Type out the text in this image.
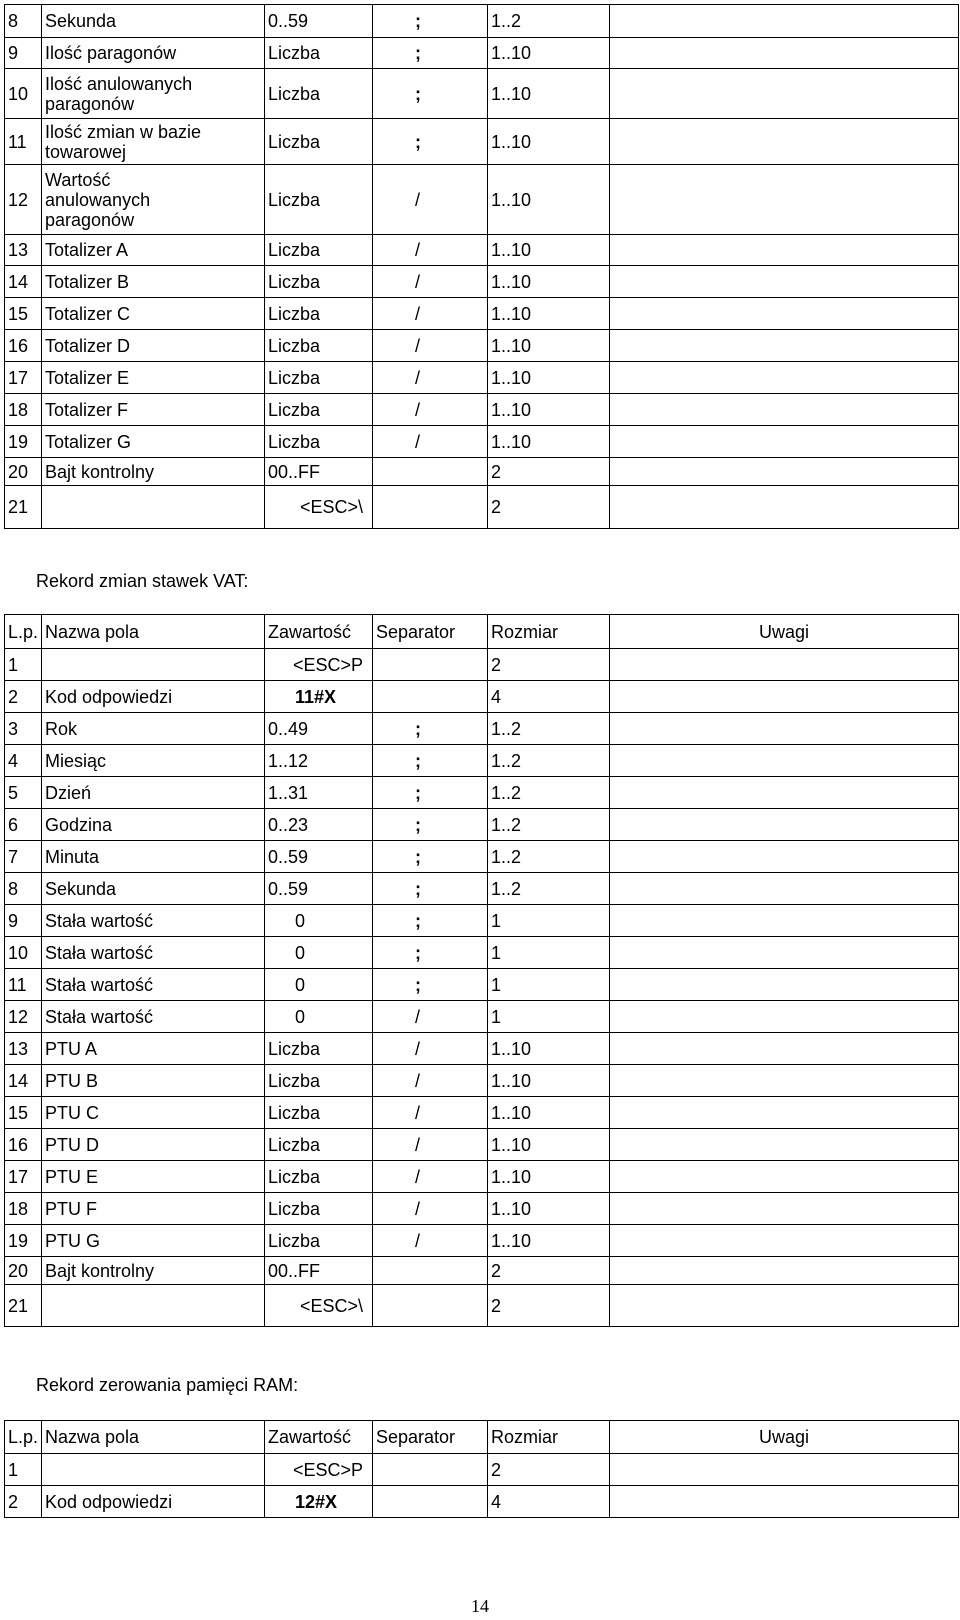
8	Sekunda	0..59	;	1..2	
9	Ilość paragonów	Liczba	;	1..10	
10	Ilość anulowanych paragonów	Liczba	;	1..10	
11	Ilość zmian w bazie towarowej	Liczba	;	1..10	
12	Wartość anulowanych paragonów	Liczba	/	1..10	
13	Totalizer A	Liczba	/	1..10	
14	Totalizer B	Liczba	/	1..10	
15	Totalizer C	Liczba	/	1..10	
16	Totalizer D	Liczba	/	1..10	
17	Totalizer E	Liczba	/	1..10	
18	Totalizer F	Liczba	/	1..10	
19	Totalizer G	Liczba	/	1..10	
20	Bajt kontrolny	00..FF		2	
21		<ESC>\		2	
Rekord zmian stawek VAT:
L.p.	Nazwa pola	Zawartość	Separator	Rozmiar	Uwagi
1		<ESC>P		2	
2	Kod odpowiedzi	11#X		4	
3	Rok	0..49	;	1..2	
4	Miesiąc	1..12	;	1..2	
5	Dzień	1..31	;	1..2	
6	Godzina	0..23	;	1..2	
7	Minuta	0..59	;	1..2	
8	Sekunda	0..59	;	1..2	
9	Stała wartość	0	;	1	
10	Stała wartość	0	;	1	
11	Stała wartość	0	;	1	
12	Stała wartość	0	/	1	
13	PTU A	Liczba	/	1..10	
14	PTU B	Liczba	/	1..10	
15	PTU C	Liczba	/	1..10	
16	PTU D	Liczba	/	1..10	
17	PTU E	Liczba	/	1..10	
18	PTU F	Liczba	/	1..10	
19	PTU G	Liczba	/	1..10	
20	Bajt kontrolny	00..FF		2	
21		<ESC>\		2	
Rekord zerowania pamięci RAM:
L.p.	Nazwa pola	Zawartość	Separator	Rozmiar	Uwagi
1		<ESC>P		2	
2	Kod odpowiedzi	12#X		4	
14
